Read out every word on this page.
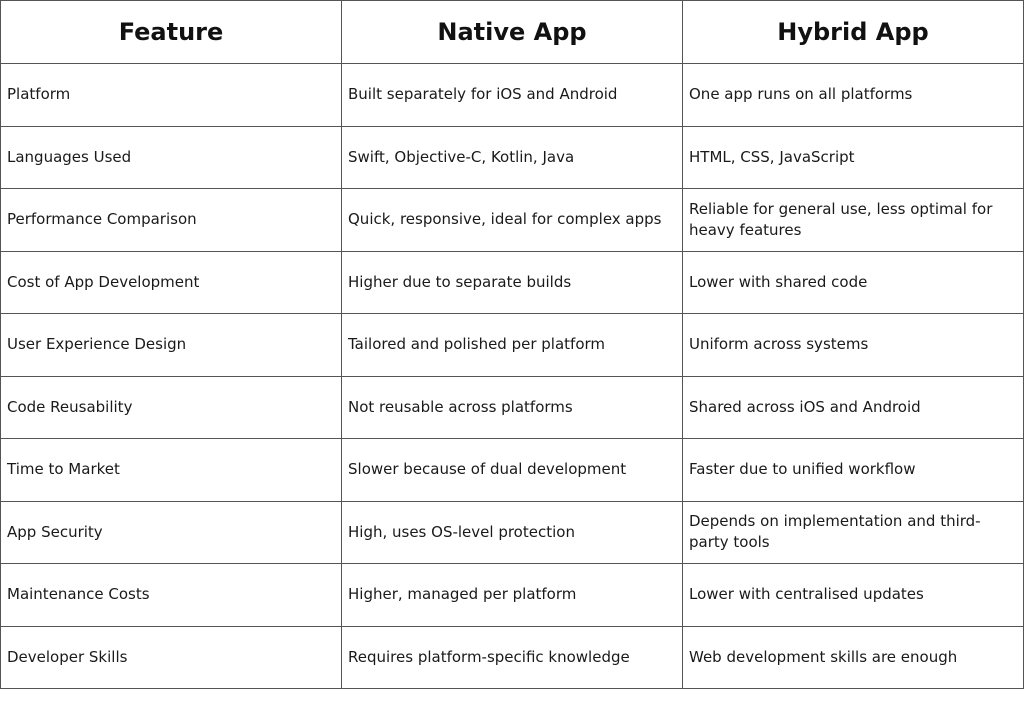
Feature	Native App	Hybrid App
Platform	Built separately for iOS and Android	One app runs on all platforms
Languages Used	Swift, Objective-C, Kotlin, Java	HTML, CSS, JavaScript
Performance Comparison	Quick, responsive, ideal for complex apps	Reliable for general use, less optimal for heavy features
Cost of App Development	Higher due to separate builds	Lower with shared code
User Experience Design	Tailored and polished per platform	Uniform across systems
Code Reusability	Not reusable across platforms	Shared across iOS and Android
Time to Market	Slower because of dual development	Faster due to unified workflow
App Security	High, uses OS-level protection	Depends on implementation and third-party tools
Maintenance Costs	Higher, managed per platform	Lower with centralised updates
Developer Skills	Requires platform-specific knowledge	Web development skills are enough
